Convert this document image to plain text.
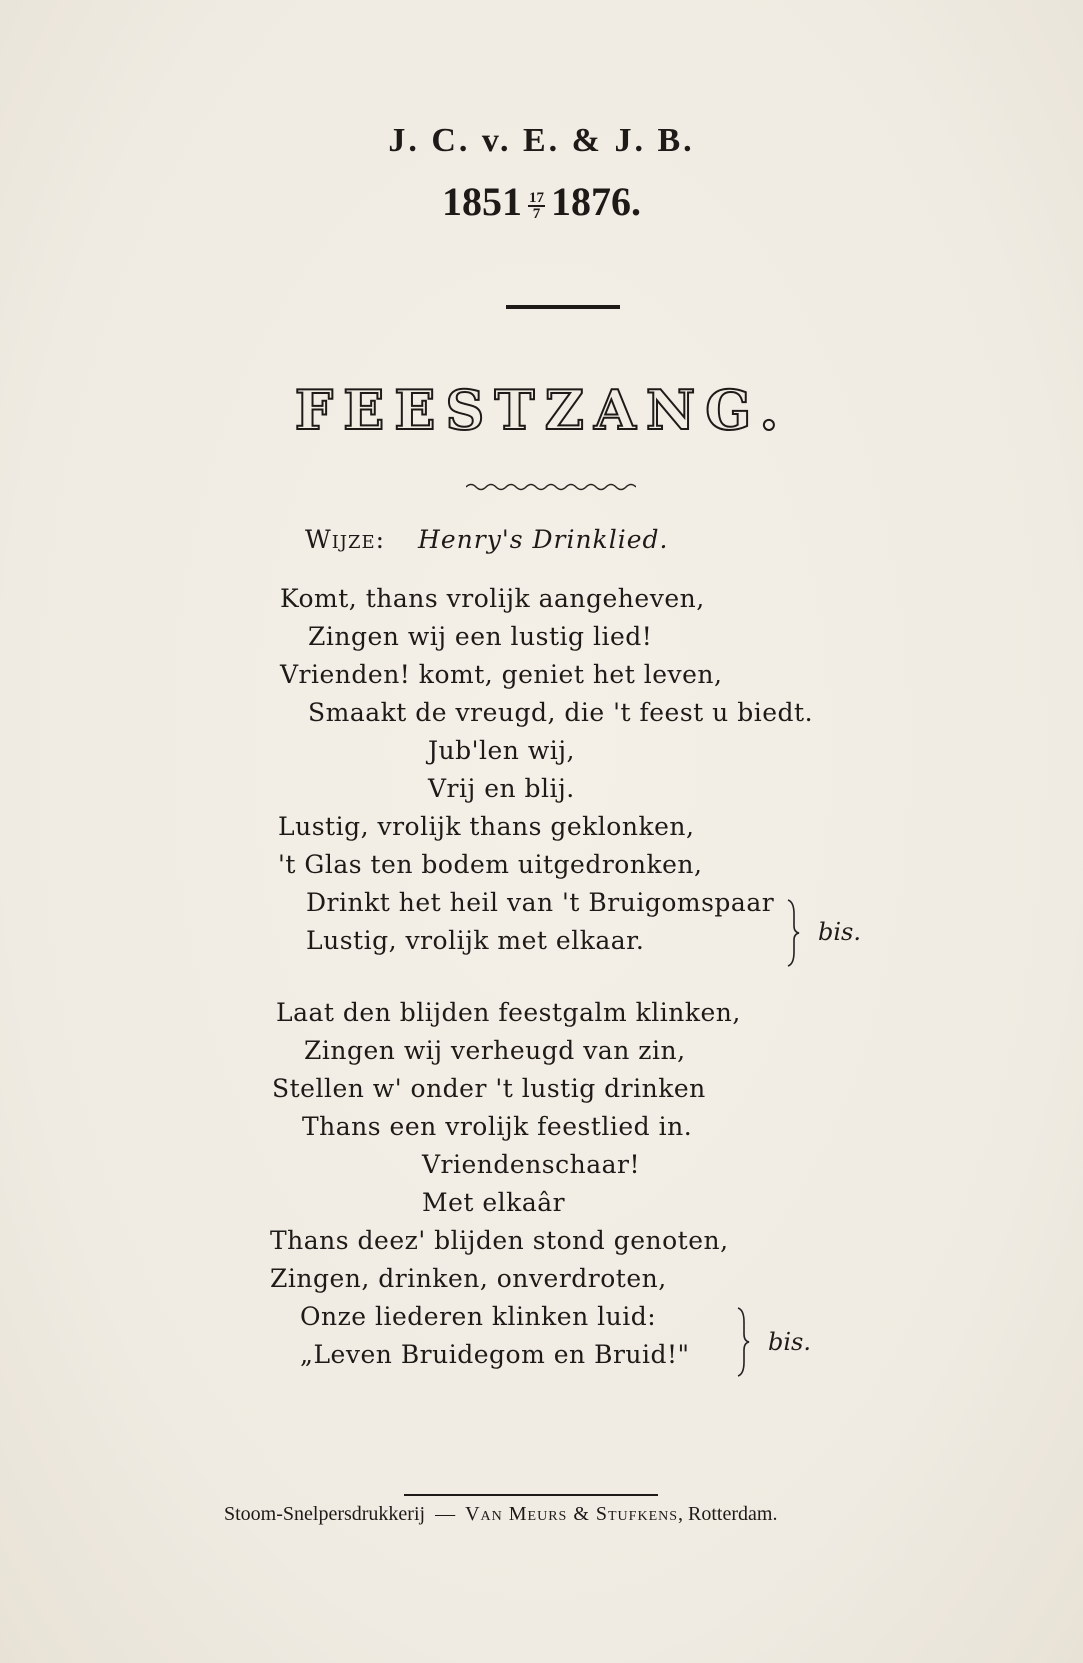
J. C. v. E. & J. B.
$1851 \frac{17}{7} 1876$.
FEESTZANG.
Wijze: Henry's Drinklied.
Komt, thans vrolijk aangeheven,
Zingen wij een lustig lied!
Vrienden! komt, geniet het leven,
Smaakt de vreugd, die 't feest u biedt.
Jub'len wij,
Vrij en blij.
Lustig, vrolijk thans geklonken,
't Glas ten bodem uitgedronken,
Drinkt het heil van 't Bruigomspaar
Lustig, vrolijk met elkaar.	bis.
Laat den blijden feestgalm klinken,
Zingen wij verheugd van zin,
Stellen w' onder 't lustig drinken
Thans een vrolijk feestlied in.
Vriendenschaar!
Met elkaâr
Thans deez' blijden stond genoten,
Zingen, drinken, onverdroten,
Onze liederen klinken luid:
„Leven Bruidegom en Bruid!"	bis.
Stoom-Snelpersdrukkerij — Van Meurs & Stufkens, Rotterdam.
